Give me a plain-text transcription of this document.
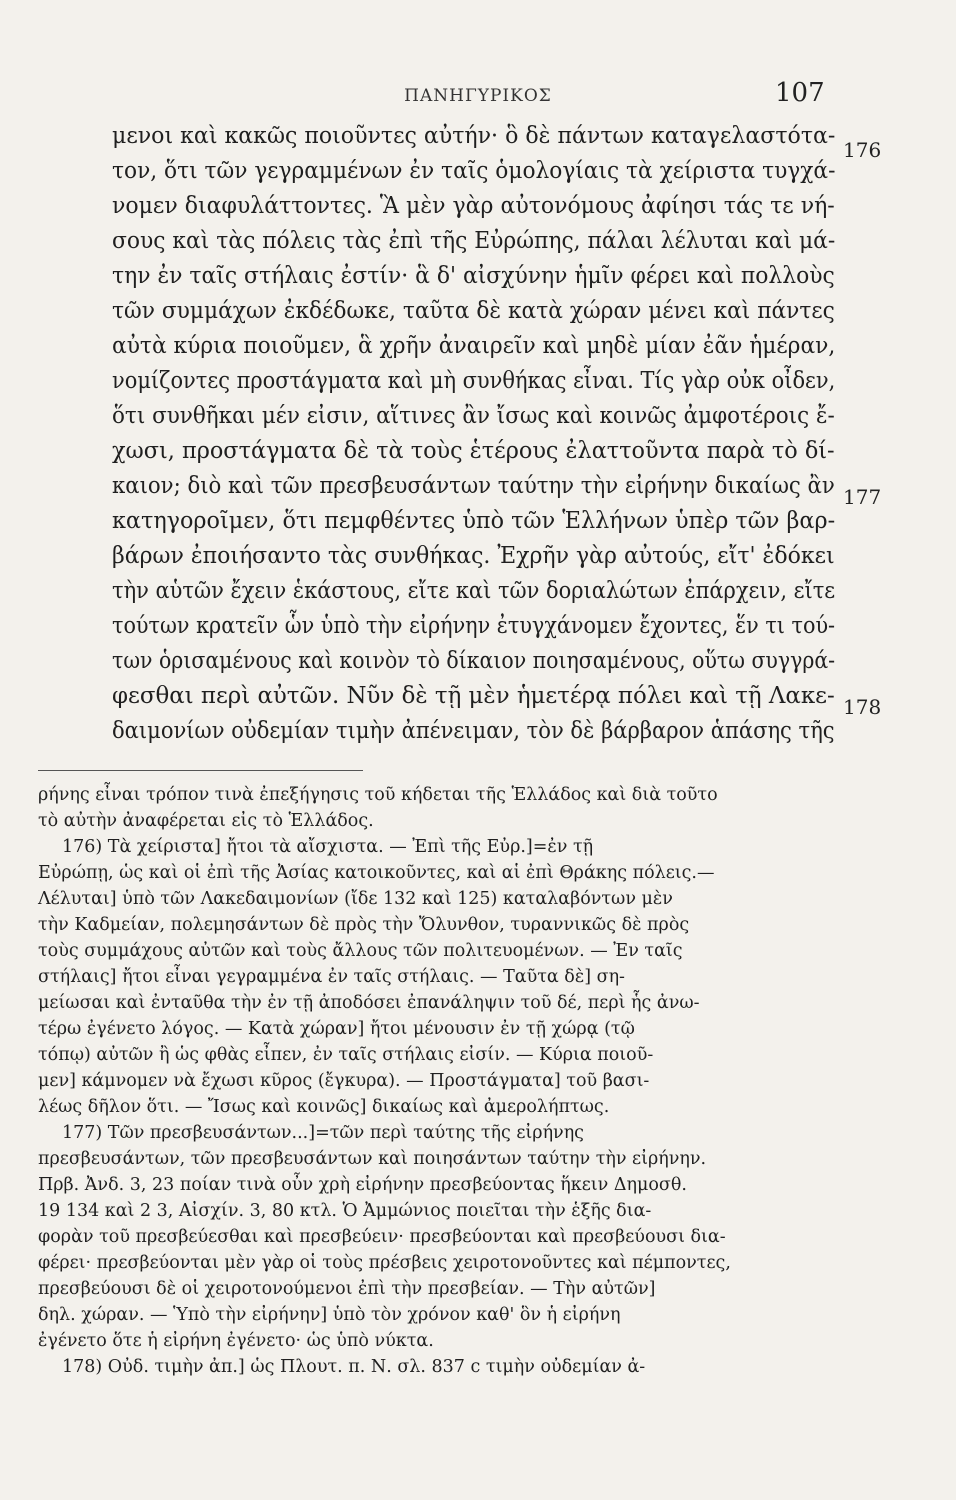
ΠΑΝΗΓΥΡΙΚΟΣ	107
μενοι καὶ κακῶς ποιοῦντες αὐτήν· ὃ δὲ πάντων καταγελαστότα-
τον, ὅτι τῶν γεγραμμένων ἐν ταῖς ὁμολογίαις τὰ χείριστα τυγχά-
νομεν διαφυλάττοντες. Ἃ μὲν γὰρ αὐτονόμους ἀφίησι τάς τε νή-
σους καὶ τὰς πόλεις τὰς ἐπὶ τῆς Εὐρώπης, πάλαι λέλυται καὶ μά-
την ἐν ταῖς στήλαις ἐστίν· ἃ δ' αἰσχύνην ἡμῖν φέρει καὶ πολλοὺς
τῶν συμμάχων ἐκδέδωκε, ταῦτα δὲ κατὰ χώραν μένει καὶ πάντες
αὐτὰ κύρια ποιοῦμεν, ἃ χρῆν ἀναιρεῖν καὶ μηδὲ μίαν ἐᾶν ἡμέραν,
νομίζοντες προστάγματα καὶ μὴ συνθήκας εἶναι. Τίς γὰρ οὐκ οἶδεν,
ὅτι συνθῆκαι μέν εἰσιν, αἵτινες ἂν ἴσως καὶ κοινῶς ἀμφοτέροις ἔ-
χωσι, προστάγματα δὲ τὰ τοὺς ἑτέρους ἐλαττοῦντα παρὰ τὸ δί-
καιον; διὸ καὶ τῶν πρεσβευσάντων ταύτην τὴν εἰρήνην δικαίως ἂν
κατηγοροῖμεν, ὅτι πεμφθέντες ὑπὸ τῶν Ἑλλήνων ὑπὲρ τῶν βαρ-
βάρων ἐποιήσαντο τὰς συνθήκας. Ἐχρῆν γὰρ αὐτούς, εἴτ' ἐδόκει
τὴν αὑτῶν ἔχειν ἑκάστους, εἴτε καὶ τῶν δοριαλώτων ἐπάρχειν, εἴτε
τούτων κρατεῖν ὧν ὑπὸ τὴν εἰρήνην ἐτυγχάνομεν ἔχοντες, ἕν τι τού-
των ὁρισαμένους καὶ κοινὸν τὸ δίκαιον ποιησαμένους, οὕτω συγγρά-
φεσθαι περὶ αὐτῶν. Νῦν δὲ τῇ μὲν ἡμετέρᾳ πόλει καὶ τῇ Λακε-
δαιμονίων οὐδεμίαν τιμὴν ἀπένειμαν, τὸν δὲ βάρβαρον ἁπάσης τῆς
176
177
178
ρήνης εἶναι τρόπον τινὰ ἐπεξήγησις τοῦ κήδεται τῆς Ἑλλάδος καὶ διὰ τοῦτο
τὸ αὐτὴν ἀναφέρεται εἰς τὸ Ἑλλάδος.
176) Τὰ χείριστα] ἤτοι τὰ αἴσχιστα. — Ἐπὶ τῆς Εὐρ.]=ἐν τῇ
Εὐρώπῃ, ὡς καὶ οἱ ἐπὶ τῆς Ἀσίας κατοικοῦντες, καὶ αἱ ἐπὶ Θράκης πόλεις.—
Λέλυται] ὑπὸ τῶν Λακεδαιμονίων (ἴδε 132 καὶ 125) καταλαβόντων μὲν
τὴν Καδμείαν, πολεμησάντων δὲ πρὸς τὴν Ὄλυνθον, τυραννικῶς δὲ πρὸς
τοὺς συμμάχους αὐτῶν καὶ τοὺς ἄλλους τῶν πολιτευομένων. — Ἐν ταῖς
στήλαις] ἤτοι εἶναι γεγραμμένα ἐν ταῖς στήλαις. — Ταῦτα δὲ] ση-
μείωσαι καὶ ἐνταῦθα τὴν ἐν τῇ ἀποδόσει ἐπανάληψιν τοῦ δέ, περὶ ἧς ἀνω-
τέρω ἐγένετο λόγος. — Κατὰ χώραν] ἤτοι μένουσιν ἐν τῇ χώρᾳ (τῷ
τόπῳ) αὐτῶν ἢ ὡς φθὰς εἶπεν, ἐν ταῖς στήλαις εἰσίν. — Κύρια ποιοῦ-
μεν] κάμνομεν νὰ ἔχωσι κῦρος (ἔγκυρα). — Προστάγματα] τοῦ βασι-
λέως δῆλον ὅτι. — Ἴσως καὶ κοινῶς] δικαίως καὶ ἀμερολήπτως.
177) Τῶν πρεσβευσάντων...]=τῶν περὶ ταύτης τῆς εἰρήνης
πρεσβευσάντων, τῶν πρεσβευσάντων καὶ ποιησάντων ταύτην τὴν εἰρήνην.
Πρβ. Ἀνδ. 3, 23 ποίαν τινὰ οὖν χρὴ εἰρήνην πρεσβεύοντας ἥκειν Δημοσθ.
19 134 καὶ 2 3, Αἰσχίν. 3, 80 κτλ. Ὁ Ἀμμώνιος ποιεῖται τὴν ἑξῆς δια-
φορὰν τοῦ πρεσβεύεσθαι καὶ πρεσβεύειν· πρεσβεύονται καὶ πρεσβεύουσι δια-
φέρει· πρεσβεύονται μὲν γὰρ οἱ τοὺς πρέσβεις χειροτονοῦντες καὶ πέμποντες,
πρεσβεύουσι δὲ οἱ χειροτονούμενοι ἐπὶ τὴν πρεσβείαν. — Τὴν αὐτῶν]
δηλ. χώραν. — Ὑπὸ τὴν εἰρήνην] ὑπὸ τὸν χρόνον καθ' ὃν ἡ εἰρήνη
ἐγένετο ὅτε ἡ εἰρήνη ἐγένετο· ὡς ὑπὸ νύκτα.
178) Οὐδ. τιμὴν ἀπ.] ὡς Πλουτ. π. Ν. σλ. 837 c τιμὴν οὐδεμίαν ἀ-
